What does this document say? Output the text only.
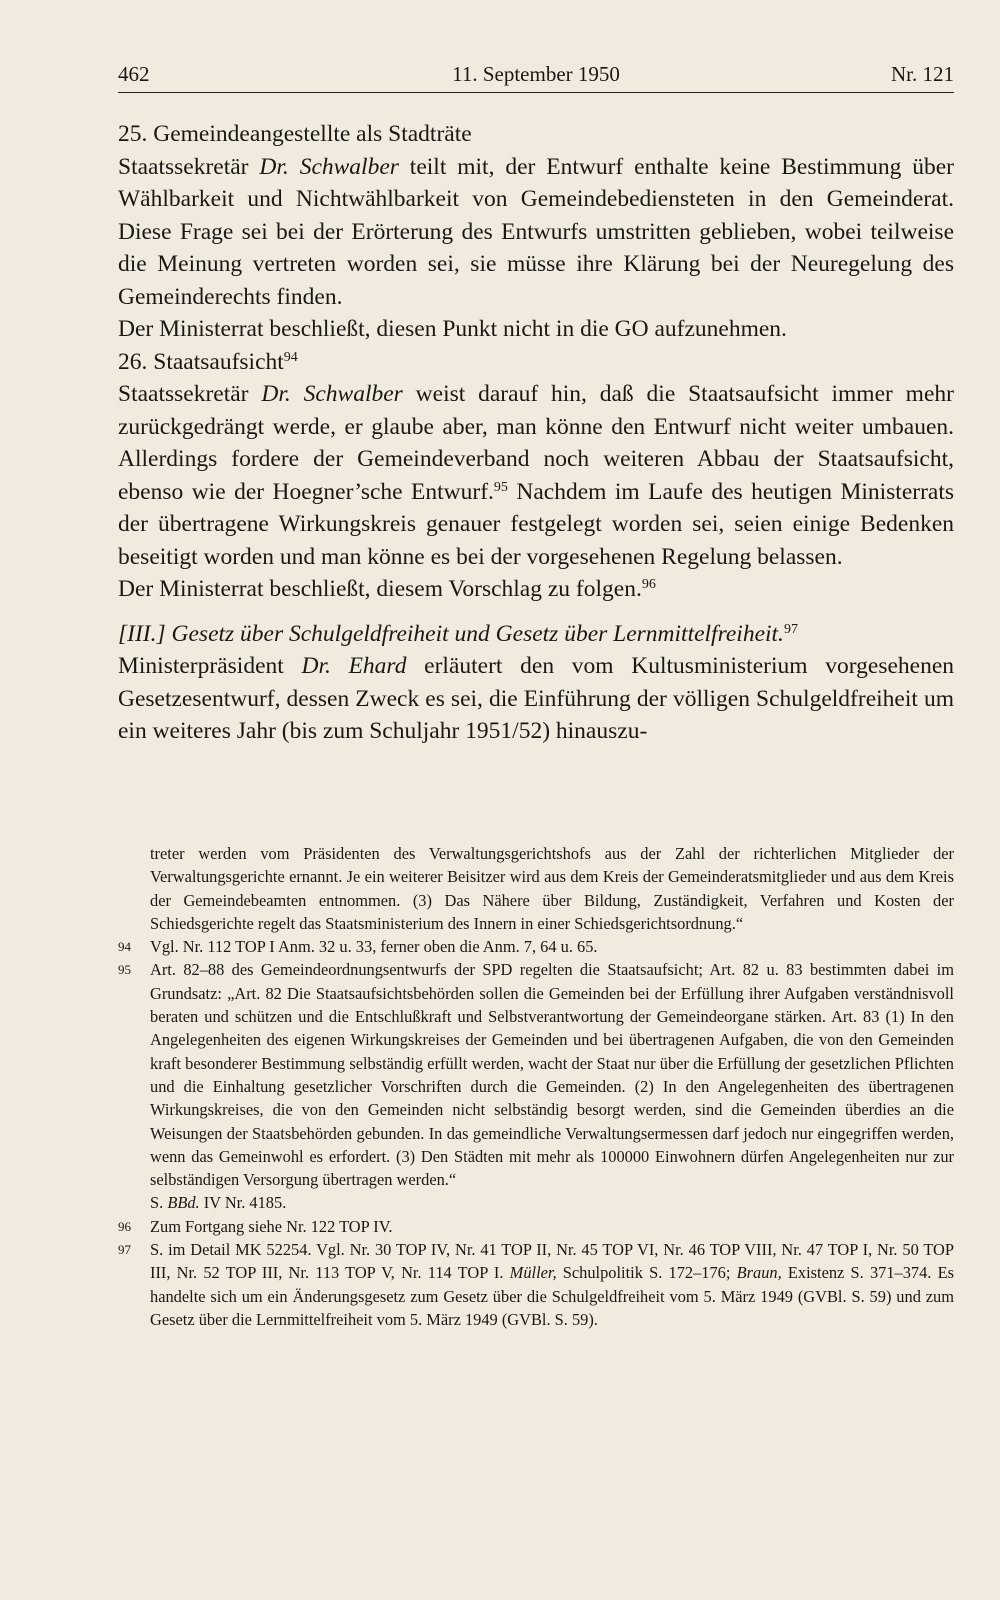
11. September 1950
462	Nr. 121

25. Gemeindeangestellte als Stadträte

Staatssekretär Dr. Schwalber teilt mit, der Entwurf enthalte keine Bestimmung über Wählbarkeit und Nichtwählbarkeit von Gemeindebediensteten in den Gemeinderat. Diese Frage sei bei der Erörterung des Entwurfs umstritten geblieben, wobei teilweise die Meinung vertreten worden sei, sie müsse ihre Klärung bei der Neuregelung des Gemeinderechts finden.

Der Ministerrat beschließt, diesen Punkt nicht in die GO aufzunehmen.

26. Staatsaufsicht$^{94}$

Staatssekretär Dr. Schwalber weist darauf hin, daß die Staatsaufsicht immer mehr zurückgedrängt werde, er glaube aber, man könne den Entwurf nicht weiter umbauen. Allerdings fordere der Gemeindeverband noch weiteren Abbau der Staatsaufsicht, ebenso wie der Hoegner’sche Entwurf.$^{95}$ Nachdem im Laufe des heutigen Ministerrats der übertragene Wirkungskreis genauer festgelegt worden sei, seien einige Bedenken beseitigt worden und man könne es bei der vorgesehenen Regelung belassen.

Der Ministerrat beschließt, diesem Vorschlag zu folgen.$^{96}$

[III.] Gesetz über Schulgeldfreiheit und Gesetz über Lernmittelfreiheit.$^{97}$

Ministerpräsident Dr. Ehard erläutert den vom Kultusministerium vorgesehenen Gesetzesentwurf, dessen Zweck es sei, die Einführung der völligen Schulgeldfreiheit um ein weiteres Jahr (bis zum Schuljahr 1951/52) hinauszu-

treter werden vom Präsidenten des Verwaltungsgerichtshofs aus der Zahl der richterlichen Mitglieder der Verwaltungsgerichte ernannt. Je ein weiterer Beisitzer wird aus dem Kreis der Gemeinderatsmitglieder und aus dem Kreis der Gemeindebeamten entnommen. (3) Das Nähere über Bildung, Zuständigkeit, Verfahren und Kosten der Schiedsgerichte regelt das Staatsministerium des Innern in einer Schiedsgerichtsordnung.“

94 Vgl. Nr. 112 TOP I Anm. 32 u. 33, ferner oben die Anm. 7, 64 u. 65.

95 Art. 82–88 des Gemeindeordnungsentwurfs der SPD regelten die Staatsaufsicht; Art. 82 u. 83 bestimmten dabei im Grundsatz: „Art. 82 Die Staatsaufsichtsbehörden sollen die Gemeinden bei der Erfüllung ihrer Aufgaben verständnisvoll beraten und schützen und die Entschlußkraft und Selbstverantwortung der Gemeindeorgane stärken. Art. 83 (1) In den Angelegenheiten des eigenen Wirkungskreises der Gemeinden und bei übertragenen Aufgaben, die von den Gemeinden kraft besonderer Bestimmung selbständig erfüllt werden, wacht der Staat nur über die Erfüllung der gesetzlichen Pflichten und die Einhaltung gesetzlicher Vorschriften durch die Gemeinden. (2) In den Angelegenheiten des übertragenen Wirkungskreises, die von den Gemeinden nicht selbständig besorgt werden, sind die Gemeinden überdies an die Weisungen der Staatsbehörden gebunden. In das gemeindliche Verwaltungsermessen darf jedoch nur eingegriffen werden, wenn das Gemeinwohl es erfordert. (3) Den Städten mit mehr als 100000 Einwohnern dürfen Angelegenheiten nur zur selbständigen Versorgung übertragen werden.“
S. BBd. IV Nr. 4185.

96 Zum Fortgang siehe Nr. 122 TOP IV.

97 S. im Detail MK 52254. Vgl. Nr. 30 TOP IV, Nr. 41 TOP II, Nr. 45 TOP VI, Nr. 46 TOP VIII, Nr. 47 TOP I, Nr. 50 TOP III, Nr. 52 TOP III, Nr. 113 TOP V, Nr. 114 TOP I. Müller, Schulpolitik S. 172–176; Braun, Existenz S. 371–374. Es handelte sich um ein Änderungsgesetz zum Gesetz über die Schulgeldfreiheit vom 5. März 1949 (GVBl. S. 59) und zum Gesetz über die Lernmittelfreiheit vom 5. März 1949 (GVBl. S. 59).
